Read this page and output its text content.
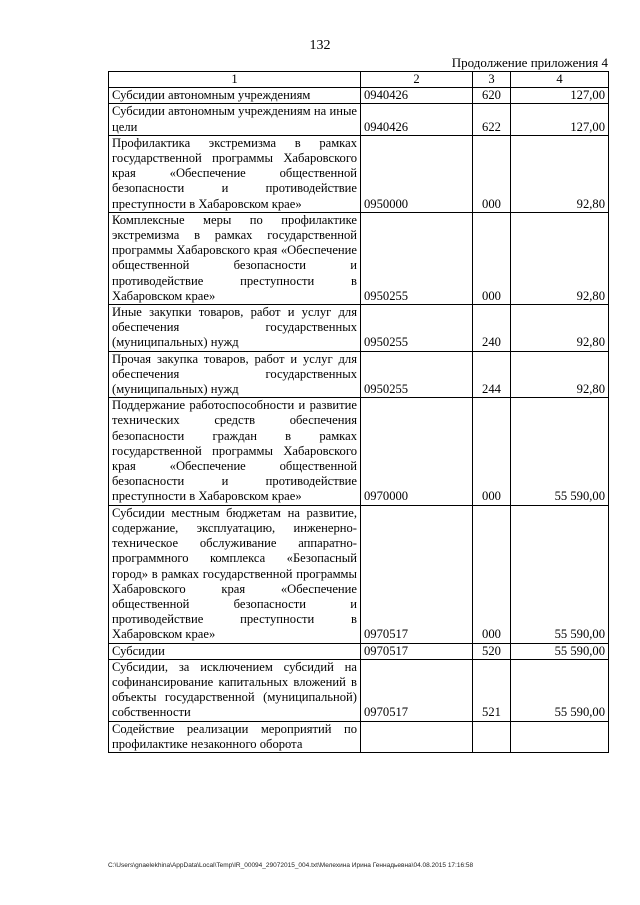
132
Продолжение приложения 4
1	2	3	4
Субсидии автономным учреждениям	0940426	620	127,00
Субсидии автономным учреждениям на иные цели	0940426	622	127,00
Профилактика экстремизма в рамках государственной программы Хабаровского края «Обеспечение общественной безопасности и противодействие преступности в Хабаровском крае»	0950000	000	92,80
Комплексные меры по профилактике экстремизма в рамках государственной программы Хабаровского края «Обеспечение общественной безопасности и противодействие преступности в Хабаровском крае»	0950255	000	92,80
Иные закупки товаров, работ и услуг для обеспечения государственных (муниципальных) нужд	0950255	240	92,80
Прочая закупка товаров, работ и услуг для обеспечения государственных (муниципальных) нужд	0950255	244	92,80
Поддержание работоспособности и развитие технических средств обеспечения безопасности граждан в рамках государственной программы Хабаровского края «Обеспечение общественной безопасности и противодействие преступности в Хабаровском крае»	0970000	000	55 590,00
Субсидии местным бюджетам на развитие, содержание, эксплуатацию, инженерно-техническое обслуживание аппаратно-программного комплекса «Безопасный город» в рамках государственной программы Хабаровского края «Обеспечение общественной безопасности и противодействие преступности в Хабаровском крае»	0970517	000	55 590,00
Субсидии	0970517	520	55 590,00
Субсидии, за исключением субсидий на софинансирование капитальных вложений в объекты государственной (муниципальной) собственности	0970517	521	55 590,00
Содействие реализации мероприятий по профилактике незаконного оборота			
C:\Users\gnaelekhina\AppData\Local\Temp\IR_00094_29072015_004.txt\Мелехина Ирина Геннадьевна\04.08.2015 17:16:58
